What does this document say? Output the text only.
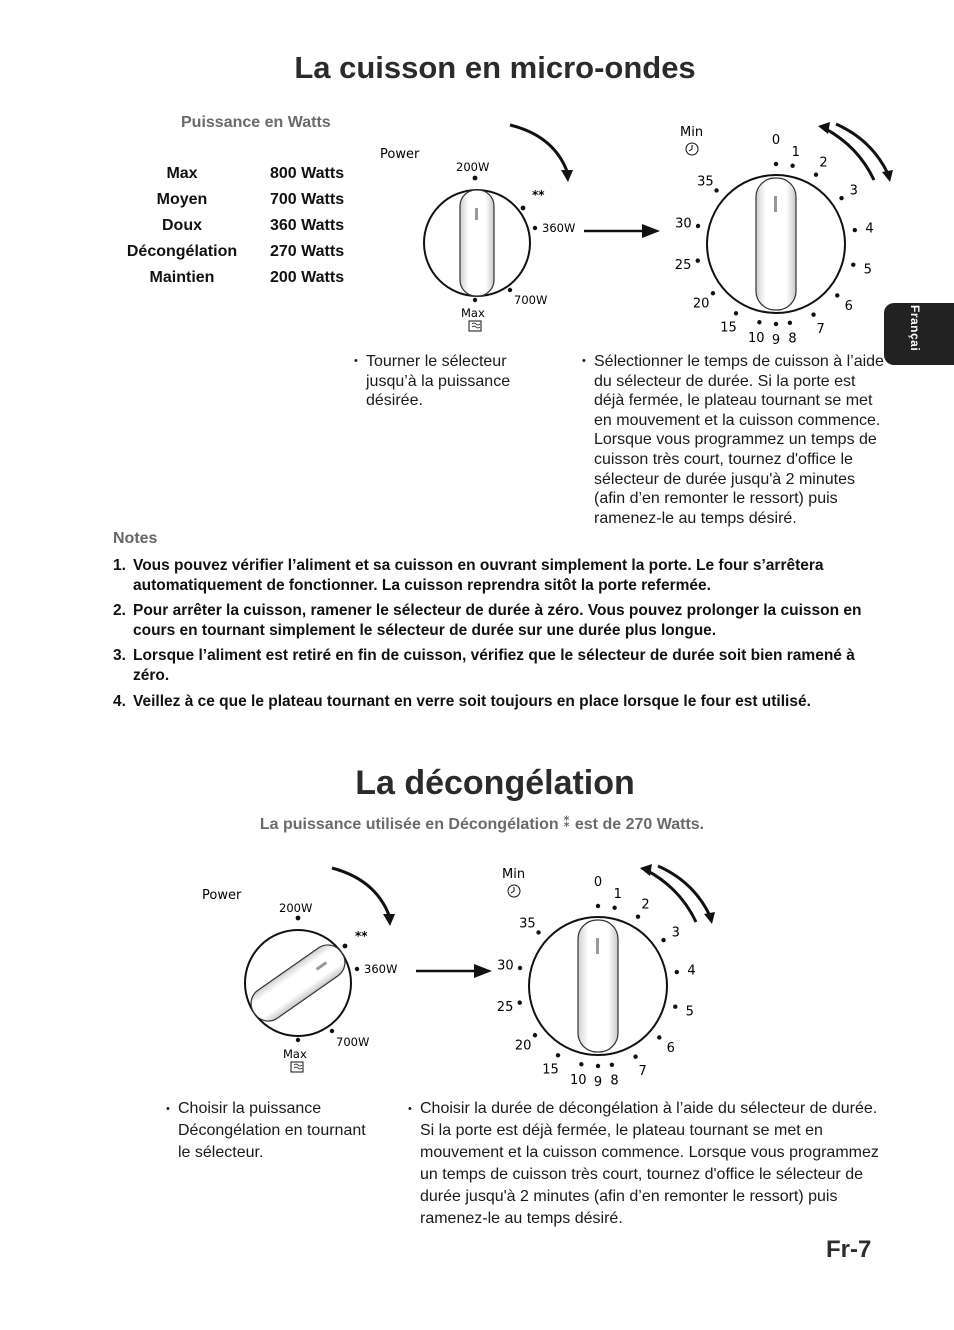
La cuisson en micro-ondes
Puissance en Watts
Max	800 Watts
Moyen	700 Watts
Doux	360 Watts
Décongélation	270 Watts
Maintien	200 Watts
Power
200W
**
360W
700W
Max
Min
0
1
2
3
4
5
6
7
8
9
10
15
20
25
30
35
Françai
• Tourner le sélecteur jusqu’à la puissance désirée.
• Sélectionner le temps de cuisson à l’aide du sélecteur de durée. Si la porte est déjà fermée, le plateau tournant se met en mouvement et la cuisson commence. Lorsque vous programmez un temps de cuisson très court, tournez d'office le sélecteur de durée jusqu'à 2 minutes (afin d’en remonter le ressort) puis ramenez-le au temps désiré.
Notes
1. Vous pouvez vérifier l’aliment et sa cuisson en ouvrant simplement la porte. Le four s’arrêtera automatiquement de fonctionner. La cuisson reprendra sitôt la porte refermée.
2. Pour arrêter la cuisson, ramener le sélecteur de durée à zéro. Vous pouvez prolonger la cuisson en cours en tournant simplement le sélecteur de durée sur une durée plus longue.
3. Lorsque l’aliment est retiré en fin de cuisson, vérifiez que le sélecteur de durée soit bien ramené à zéro.
4. Veillez à ce que le plateau tournant en verre soit toujours en place lorsque le four est utilisé.
La décongélation
La puissance utilisée en Décongélation ⁑ est de 270 Watts.
Power
200W
**
360W
700W
Max
Min
0
1
2
3
4
5
6
7
8
9
10
15
20
25
30
35
• Choisir la puissance Décongélation en tournant le sélecteur.
• Choisir la durée de décongélation à l’aide du sélecteur de durée. Si la porte est déjà fermée, le plateau tournant se met en mouvement et la cuisson commence. Lorsque vous programmez un temps de cuisson très court, tournez d'office le sélecteur de durée jusqu'à 2 minutes (afin d’en remonter le ressort) puis ramenez-le au temps désiré.
Fr-7
